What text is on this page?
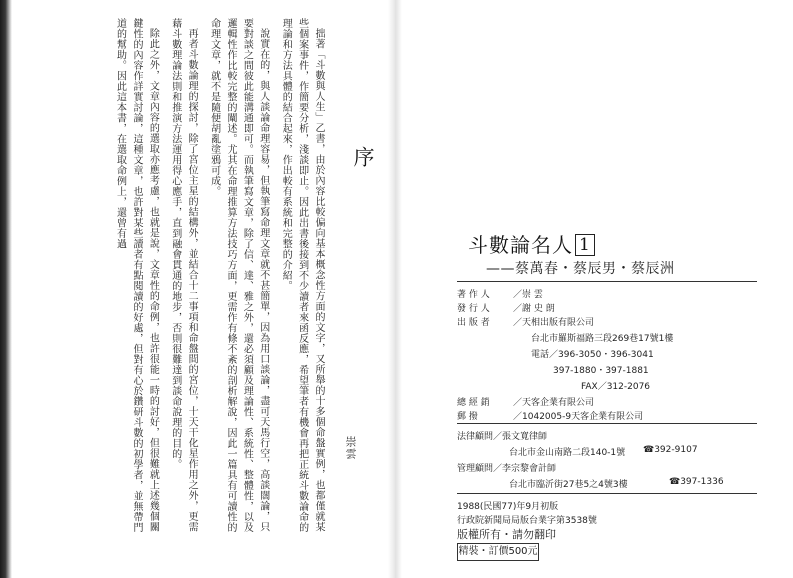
拙著「斗數與人生」乙書，由於內容比較偏向基本概念性方面的文字，又所舉的十多個命盤實例，也都僅就某些個案事件，作簡要分析，淺談即止。因此出書後接到不少讀者來函反應，希望筆者有機會再把正統斗數論命的理論和方法具體的結合起來，作出較有系統和完整的介紹。

說實在的，與人談論命理容易，但執筆寫命理文章就不甚簡單，因為用口談論，盡可天馬行空，高談闊論，只要對談之間彼此能溝通即可。而執筆寫文章，除了信、達、雅之外，還必須顧及理論性、系統性、整體性，以及邏輯性作比較完整的闡述。尤其在命理推算方法技巧方面，更需作有條不紊的剖析解說，因此一篇具有可讀性的命理文章，就不是隨便胡亂塗鴉可成。

再者斗數論理的探討，除了宮位主星的結構外，並結合十二事項和命盤間的宮位，十天干化星作用之外，更需藉斗數理論法則和推演方法運用得心應手，直到融會貫通的地步，否則很難達到談命說理的目的。

除此之外，文章內容的選取亦應考慮，也就是說，文章性的命例，也許很能一時的討好，但很難就上述幾個關鍵性的內容作詳實討論，這種文章，也許對某些讀者有點閱讀的好處，但對有心於鑽研斗數的初學者，並無帶門道的幫助。因此這本書，在選取命例上，還曾有過	序
崇雲
斗數論名人 1
——蔡萬春・蔡辰男・蔡辰洲
著 作 人	／崇 雲
發 行 人	／謝 史 朗
出 版 者	／天相出版有限公司
台北市羅斯福路三段269巷17號1樓
電話／396-3050・396-3041
397-1880・397-1881
FAX／312-2076
總 經 銷	／天客企業有限公司
郵 撥	／1042005-9天客企業有限公司
法律顧問／張文寬律師
台北市金山南路二段140-1號 ☎392-9107
管理顧問／李宗黎會計師
台北市臨沂街27巷5之4號3樓	☎397-1336
1988(民國77)年9月初版
行政院新聞局局版台業字第3538號
版權所有・請勿翻印
精裝・訂價500元
